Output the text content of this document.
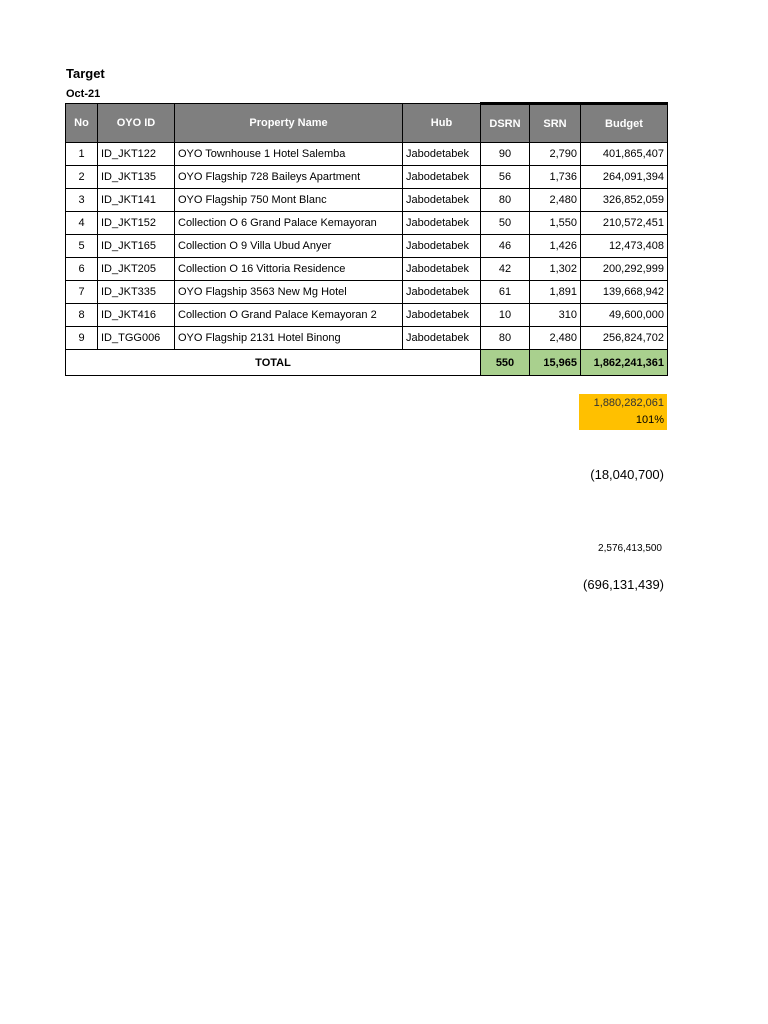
Target
Oct-21
No	OYO ID	Property Name	Hub	DSRN	SRN	Budget
1	ID_JKT122	OYO Townhouse 1 Hotel Salemba	Jabodetabek	90	2,790	401,865,407
2	ID_JKT135	OYO Flagship 728 Baileys Apartment	Jabodetabek	56	1,736	264,091,394
3	ID_JKT141	OYO Flagship 750 Mont Blanc	Jabodetabek	80	2,480	326,852,059
4	ID_JKT152	Collection O 6 Grand Palace Kemayoran	Jabodetabek	50	1,550	210,572,451
5	ID_JKT165	Collection O 9 Villa Ubud Anyer	Jabodetabek	46	1,426	12,473,408
6	ID_JKT205	Collection O 16 Vittoria Residence	Jabodetabek	42	1,302	200,292,999
7	ID_JKT335	OYO Flagship 3563 New Mg Hotel	Jabodetabek	61	1,891	139,668,942
8	ID_JKT416	Collection O Grand Palace Kemayoran 2	Jabodetabek	10	310	49,600,000
9	ID_TGG006	OYO Flagship 2131 Hotel Binong	Jabodetabek	80	2,480	256,824,702
TOTAL				550	15,965	1,862,241,361
1,880,282,061
101%
(18,040,700)
2,576,413,500
(696,131,439)
